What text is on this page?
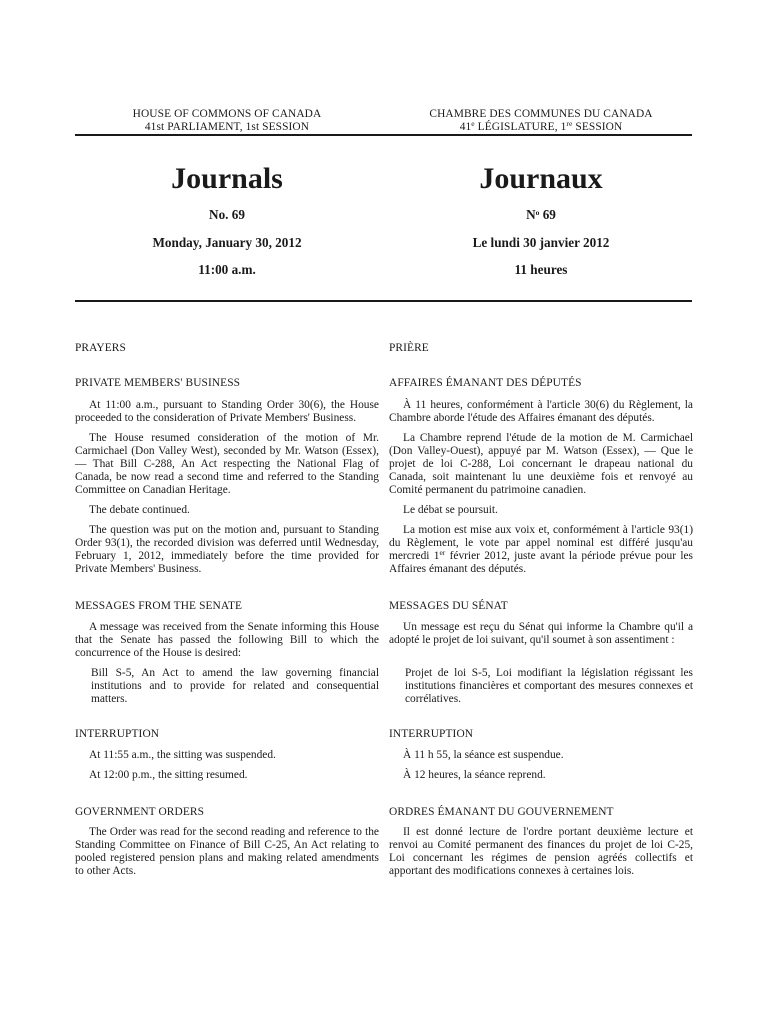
HOUSE OF COMMONS OF CANADA
41st PARLIAMENT, 1st SESSION
Journals
No. 69
Monday, January 30, 2012
11:00 a.m.
PRAYERS
PRIVATE MEMBERS' BUSINESS
At 11:00 a.m., pursuant to Standing Order 30(6), the House proceeded to the consideration of Private Members' Business.
The House resumed consideration of the motion of Mr. Carmichael (Don Valley West), seconded by Mr. Watson (Essex), — That Bill C-288, An Act respecting the National Flag of Canada, be now read a second time and referred to the Standing Committee on Canadian Heritage.
The debate continued.
The question was put on the motion and, pursuant to Standing Order 93(1), the recorded division was deferred until Wednesday, February 1, 2012, immediately before the time provided for Private Members' Business.
MESSAGES FROM THE SENATE
A message was received from the Senate informing this House that the Senate has passed the following Bill to which the concurrence of the House is desired:
Bill S-5, An Act to amend the law governing financial institutions and to provide for related and consequential matters.
INTERRUPTION
At 11:55 a.m., the sitting was suspended.
At 12:00 p.m., the sitting resumed.
GOVERNMENT ORDERS
The Order was read for the second reading and reference to the Standing Committee on Finance of Bill C-25, An Act relating to pooled registered pension plans and making related amendments to other Acts.
CHAMBRE DES COMMUNES DU CANADA
41e LÉGISLATURE, 1re SESSION
Journaux
$N^o$ 69
Le lundi 30 janvier 2012
11 heures
PRIÈRE
AFFAIRES ÉMANANT DES DÉPUTÉS
À 11 heures, conformément à l'article 30(6) du Règlement, la Chambre aborde l'étude des Affaires émanant des députés.
La Chambre reprend l'étude de la motion de M. Carmichael (Don Valley-Ouest), appuyé par M. Watson (Essex), — Que le projet de loi C-288, Loi concernant le drapeau national du Canada, soit maintenant lu une deuxième fois et renvoyé au Comité permanent du patrimoine canadien.
Le débat se poursuit.
La motion est mise aux voix et, conformément à l'article 93(1) du Règlement, le vote par appel nominal est différé jusqu'au mercredi 1er février 2012, juste avant la période prévue pour les Affaires émanant des députés.
MESSAGES DU SÉNAT
Un message est reçu du Sénat qui informe la Chambre qu'il a adopté le projet de loi suivant, qu'il soumet à son assentiment :
Projet de loi S-5, Loi modifiant la législation régissant les institutions financières et comportant des mesures connexes et corrélatives.
INTERRUPTION
À 11 h 55, la séance est suspendue.
À 12 heures, la séance reprend.
ORDRES ÉMANANT DU GOUVERNEMENT
Il est donné lecture de l'ordre portant deuxième lecture et renvoi au Comité permanent des finances du projet de loi C-25, Loi concernant les régimes de pension agréés collectifs et apportant des modifications connexes à certaines lois.
